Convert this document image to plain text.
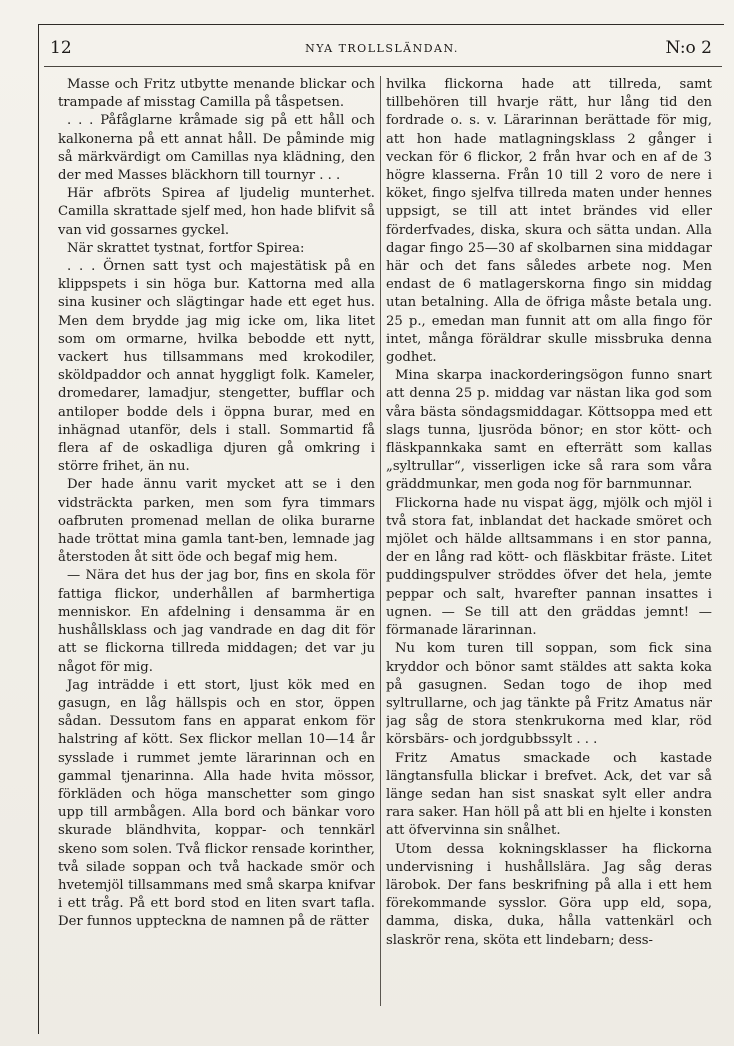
12	NYA TROLLSLÄNDAN.	N:o 2

Masse och Fritz utbytte menande blickar och trampade af misstag Camilla på tåspetsen.

. . . Påfåglarne kråmade sig på ett håll och kalkonerna på ett annat håll. De påminde mig så märkvärdigt om Camillas nya klädning, den der med Masses bläckhorn till tournyr . . .

Här afbröts Spirea af ljudelig munterhet. Camilla skrattade sjelf med, hon hade blifvit så van vid gossarnes gyckel.

När skrattet tystnat, fortfor Spirea:

. . . Örnen satt tyst och majestätisk på en klippspets i sin höga bur. Kattorna med alla sina kusiner och slägtingar hade ett eget hus. Men dem brydde jag mig icke om, lika litet som om ormarne, hvilka bebodde ett nytt, vackert hus tillsammans med krokodiler, sköldpaddor och annat hyggligt folk. Kameler, dromedarer, lamadjur, stengetter, bufflar och antiloper bodde dels i öppna burar, med en inhägnad utanför, dels i stall. Sommartid få flera af de oskadliga djuren gå omkring i större frihet, än nu.

Der hade ännu varit mycket att se i den vidsträckta parken, men som fyra timmars oafbruten promenad mellan de olika burarne hade tröttat mina gamla tant-ben, lemnade jag återstoden åt sitt öde och begaf mig hem.

— Nära det hus der jag bor, fins en skola för fattiga flickor, underhållen af barmhertiga menniskor. En afdelning i densamma är en hushållsklass och jag vandrade en dag dit för att se flickorna tillreda middagen; det var ju något för mig.

Jag inträdde i ett stort, ljust kök med en gasugn, en låg hällspis och en stor, öppen sådan. Dessutom fans en apparat enkom för halstring af kött. Sex flickor mellan 10—14 år sysslade i rummet jemte lärarinnan och en gammal tjenarinna. Alla hade hvita mössor, förkläden och höga manschetter som gingo upp till armbågen. Alla bord och bänkar voro skurade bländhvita, koppar- och tennkärl skeno som solen. Två flickor rensade korinther, två silade soppan och två hackade smör och hvetemjöl tillsammans med små skarpa knifvar i ett tråg. På ett bord stod en liten svart tafla. Der funnos uppteckna de namnen på de rätter

hvilka flickorna hade att tillreda, samt tillbehören till hvarje rätt, hur lång tid den fordrade o. s. v. Lärarinnan berättade för mig, att hon hade matlagningsklass 2 gånger i veckan för 6 flickor, 2 från hvar och en af de 3 högre klasserna. Från 10 till 2 voro de nere i köket, fingo sjelfva tillreda maten under hennes uppsigt, se till att intet brändes vid eller förderfvades, diska, skura och sätta undan. Alla dagar fingo 25—30 af skolbarnen sina middagar här och det fans således arbete nog. Men endast de 6 matlagerskorna fingo sin middag utan betalning. Alla de öfriga måste betala ung. 25 p., emedan man funnit att om alla fingo för intet, många föräldrar skulle missbruka denna godhet.

Mina skarpa inackorderingsögon funno snart att denna 25 p. middag var nästan lika god som våra bästa söndagsmiddagar. Köttsoppa med ett slags tunna, ljusröda bönor; en stor kött- och fläskpannkaka samt en efterrätt som kallas „syltrullar“, visserligen icke så rara som våra gräddmunkar, men goda nog för barnmunnar.

Flickorna hade nu vispat ägg, mjölk och mjöl i två stora fat, inblandat det hackade smöret och mjölet och hälde alltsammans i en stor panna, der en lång rad kött- och fläskbitar fräste. Litet puddingspulver ströddes öfver det hela, jemte peppar och salt, hvarefter pannan insattes i ugnen. — Se till att den gräddas jemnt! — förmanade lärarinnan.

Nu kom turen till soppan, som fick sina kryddor och bönor samt stäldes att sakta koka på gasugnen. Sedan togo de ihop med syltrullarne, och jag tänkte på Fritz Amatus när jag såg de stora stenkrukorna med klar, röd körsbärs- och jordgubbssylt . . .

Fritz Amatus smackade och kastade längtansfulla blickar i brefvet. Ack, det var så länge sedan han sist snaskat sylt eller andra rara saker. Han höll på att bli en hjelte i konsten att öfvervinna sin snålhet.

Utom dessa kokningsklasser ha flickorna undervisning i hushållslära. Jag såg deras lärobok. Der fans beskrifning på alla i ett hem förekommande sysslor. Göra upp eld, sopa, damma, diska, duka, hålla vattenkärl och slaskrör rena, sköta ett lindebarn; dess-
